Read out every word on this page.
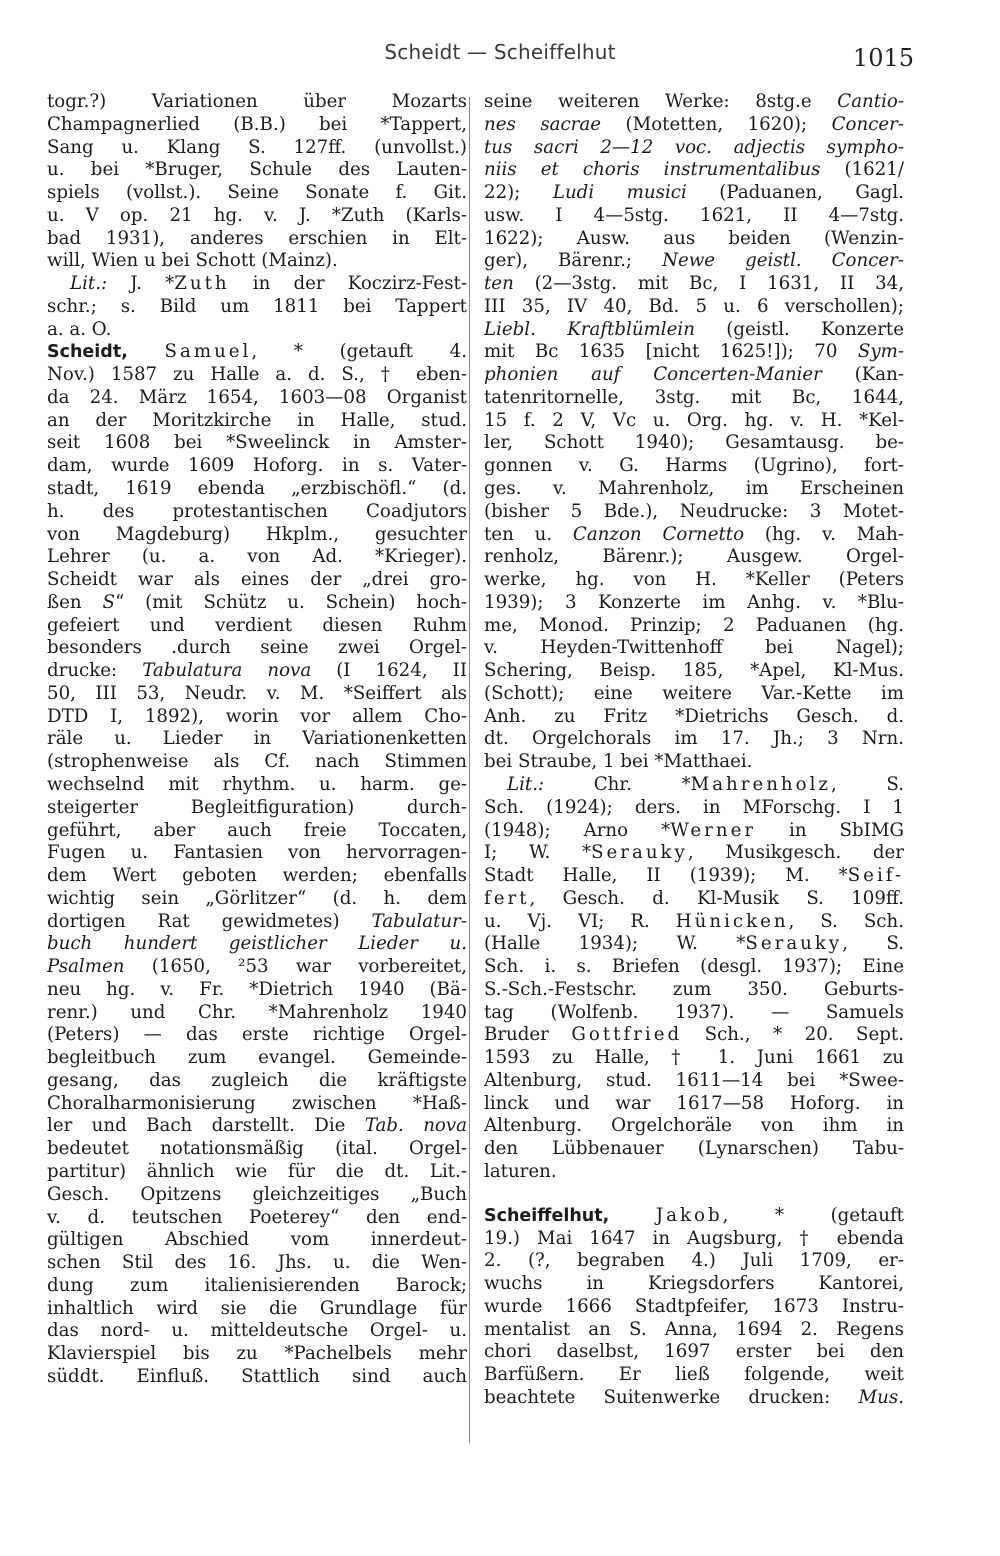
Scheidt — Scheiffelhut	1015
togr.?) Variationen über Mozarts
Champagnerlied (B.B.) bei *Tappert,
Sang u. Klang S. 127ff. (unvollst.)
u. bei *Bruger, Schule des Lauten-
spiels (vollst.). Seine Sonate f. Git.
u. V op. 21 hg. v. J. *Zuth (Karls-
bad 1931), anderes erschien in Elt-
will, Wien u bei Schott (Mainz).
Lit.: J. *Zuth in der Koczirz-Fest-
schr.; s. Bild um 1811 bei Tappert
a. a. O.
Scheidt, Samuel, * (getauft 4.
Nov.) 1587 zu Halle a. d. S., † eben-
da 24. März 1654, 1603—08 Organist
an der Moritzkirche in Halle, stud.
seit 1608 bei *Sweelinck in Amster-
dam, wurde 1609 Hoforg. in s. Vater-
stadt, 1619 ebenda „erzbischöfl.“ (d.
h. des protestantischen Coadjutors
von Magdeburg) Hkplm., gesuchter
Lehrer (u. a. von Ad. *Krieger).
Scheidt war als eines der „drei gro-
ßen S“ (mit Schütz u. Schein) hoch-
gefeiert und verdient diesen Ruhm
besonders .durch seine zwei Orgel-
drucke: Tabulatura nova (I 1624, II
50, III 53, Neudr. v. M. *Seiffert als
DTD I, 1892), worin vor allem Cho-
räle u. Lieder in Variationenketten
(strophenweise als Cf. nach Stimmen
wechselnd mit rhythm. u. harm. ge-
steigerter Begleitfiguration) durch-
geführt, aber auch freie Toccaten,
Fugen u. Fantasien von hervorragen-
dem Wert geboten werden; ebenfalls
wichtig sein „Görlitzer“ (d. h. dem
dortigen Rat gewidmetes) Tabulatur-
buch hundert geistlicher Lieder u.
Psalmen (1650, ²53 war vorbereitet,
neu hg. v. Fr. *Dietrich 1940 (Bä-
renr.) und Chr. *Mahrenholz 1940
(Peters) — das erste richtige Orgel-
begleitbuch zum evangel. Gemeinde-
gesang, das zugleich die kräftigste
Choralharmonisierung zwischen *Haß-
ler und Bach darstellt. Die Tab. nova
bedeutet notationsmäßig (ital. Orgel-
partitur) ähnlich wie für die dt. Lit.-
Gesch. Opitzens gleichzeitiges „Buch
v. d. teutschen Poeterey“ den end-
gültigen Abschied vom innerdeut-
schen Stil des 16. Jhs. u. die Wen-
dung zum italienisierenden Barock;
inhaltlich wird sie die Grundlage für
das nord- u. mitteldeutsche Orgel- u.
Klavierspiel bis zu *Pachelbels mehr
süddt. Einfluß. Stattlich sind auch
seine weiteren Werke: 8stg.e Cantio-
nes sacrae (Motetten, 1620); Concer-
tus sacri 2—12 voc. adjectis sympho-
niis et choris instrumentalibus (1621/
22); Ludi musici (Paduanen, Gagl.
usw. I 4—5stg. 1621, II 4—7stg.
1622); Ausw. aus beiden (Wenzin-
ger), Bärenr.; Newe geistl. Concer-
ten (2—3stg. mit Bc, I 1631, II 34,
III 35, IV 40, Bd. 5 u. 6 verschollen);
Liebl. Kraftblümlein (geistl. Konzerte
mit Bc 1635 [nicht 1625!]); 70 Sym-
phonien auf Concerten-Manier (Kan-
tatenritornelle, 3stg. mit Bc, 1644,
15 f. 2 V, Vc u. Org. hg. v. H. *Kel-
ler, Schott 1940); Gesamtausg. be-
gonnen v. G. Harms (Ugrino), fort-
ges. v. Mahrenholz, im Erscheinen
(bisher 5 Bde.), Neudrucke: 3 Motet-
ten u. Canzon Cornetto (hg. v. Mah-
renholz, Bärenr.); Ausgew. Orgel-
werke, hg. von H. *Keller (Peters
1939); 3 Konzerte im Anhg. v. *Blu-
me, Monod. Prinzip; 2 Paduanen (hg.
v. Heyden-Twittenhoff bei Nagel);
Schering, Beisp. 185, *Apel, Kl-Mus.
(Schott); eine weitere Var.-Kette im
Anh. zu Fritz *Dietrichs Gesch. d.
dt. Orgelchorals im 17. Jh.; 3 Nrn.
bei Straube, 1 bei *Matthaei.
Lit.: Chr. *Mahrenholz, S.
Sch. (1924); ders. in MForschg. I 1
(1948); Arno *Werner in SbIMG
I; W. *Serauky, Musikgesch. der
Stadt Halle, II (1939); M. *Seif-
fert, Gesch. d. Kl-Musik S. 109ff.
u. Vj. VI; R. Hünicken, S. Sch.
(Halle 1934); W. *Serauky, S.
Sch. i. s. Briefen (desgl. 1937); Eine
S.-Sch.-Festschr. zum 350. Geburts-
tag (Wolfenb. 1937). — Samuels
Bruder Gottfried Sch., * 20. Sept.
1593 zu Halle, † 1. Juni 1661 zu
Altenburg, stud. 1611—14 bei *Swee-
linck und war 1617—58 Hoforg. in
Altenburg. Orgelchoräle von ihm in
den Lübbenauer (Lynarschen) Tabu-
laturen.
Scheiffelhut,	Jakob, * (getauft
19.) Mai 1647 in Augsburg, † ebenda
2. (?, begraben 4.) Juli 1709, er-
wuchs in Kriegsdorfers Kantorei,
wurde 1666 Stadtpfeifer, 1673 Instru-
mentalist an S. Anna, 1694 2. Regens
chori daselbst, 1697 erster bei den
Barfüßern. Er ließ folgende, weit
beachtete Suitenwerke drucken: Mus.
